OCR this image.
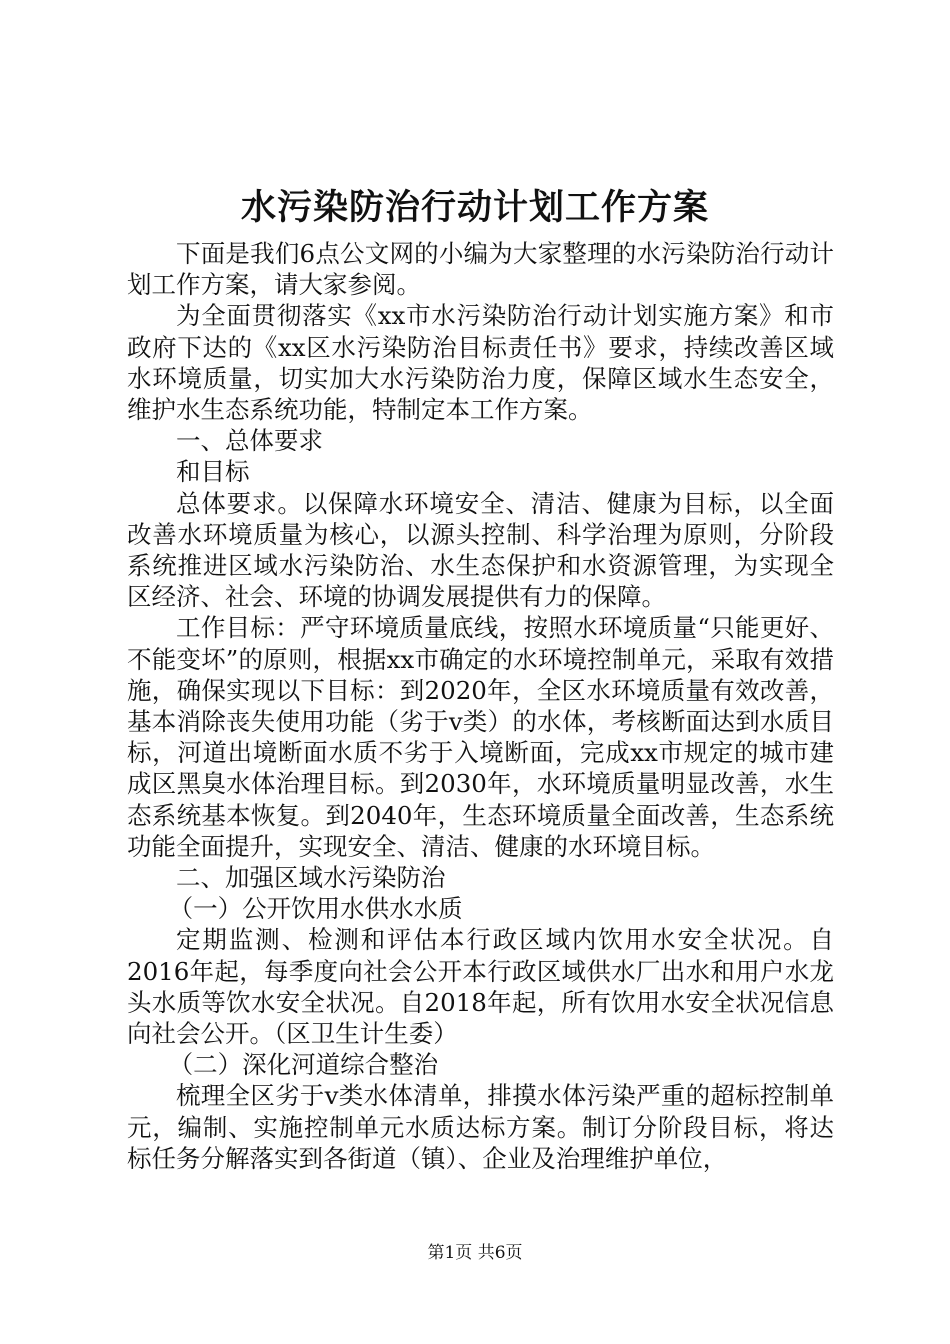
水污染防治行动计划工作方案

下面是我们6点公文网的小编为大家整理的水污染防治行动计划工作方案，请大家参阅。

为全面贯彻落实《xx市水污染防治行动计划实施方案》和市政府下达的《xx区水污染防治目标责任书》要求，持续改善区域水环境质量，切实加大水污染防治力度，保障区域水生态安全，维护水生态系统功能，特制定本工作方案。

一、总体要求

和目标

总体要求。以保障水环境安全、清洁、健康为目标，以全面改善水环境质量为核心，以源头控制、科学治理为原则，分阶段系统推进区域水污染防治、水生态保护和水资源管理，为实现全区经济、社会、环境的协调发展提供有力的保障。

工作目标：严守环境质量底线，按照水环境质量“只能更好、不能变坏”的原则，根据xx市确定的水环境控制单元，采取有效措施，确保实现以下目标：到2020年，全区水环境质量有效改善，基本消除丧失使用功能（劣于v类）的水体，考核断面达到水质目标，河道出境断面水质不劣于入境断面，完成xx市规定的城市建成区黑臭水体治理目标。到2030年，水环境质量明显改善，水生态系统基本恢复。到2040年，生态环境质量全面改善，生态系统功能全面提升，实现安全、清洁、健康的水环境目标。

二、加强区域水污染防治

（一）公开饮用水供水水质

定期监测、检测和评估本行政区域内饮用水安全状况。自2016年起，每季度向社会公开本行政区域供水厂出水和用户水龙头水质等饮水安全状况。自2018年起，所有饮用水安全状况信息向社会公开。（区卫生计生委）

（二）深化河道综合整治

梳理全区劣于v类水体清单，排摸水体污染严重的超标控制单元，编制、实施控制单元水质达标方案。制订分阶段目标，将达标任务分解落实到各街道（镇）、企业及治理维护单位，

第1页 共6页
